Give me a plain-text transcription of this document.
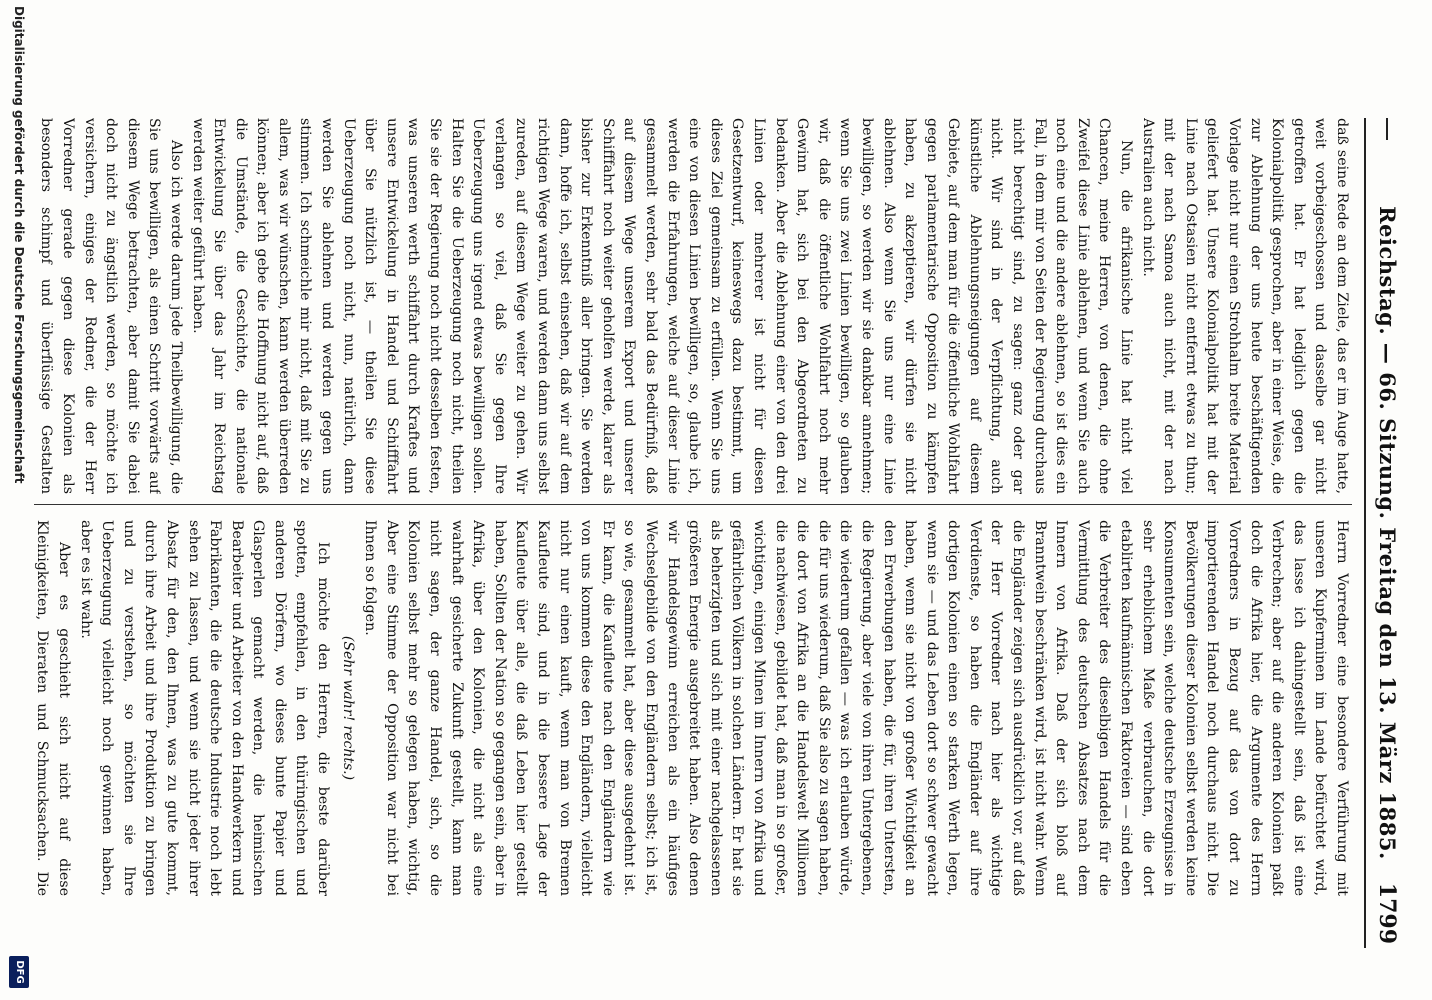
Reichstag. — 66. Sitzung. Freitag den 13. März 1885.
1799

daß seine Rede an dem Ziele, das er im Auge hatte, weit vorbeigeschossen und dasselbe gar nicht getroffen hat. Er hat lediglich gegen die Kolonialpolitik gesprochen, aber in einer Weise, die zur Ablehnung der uns heute beschäftigenden Vorlage nicht nur einen Strohhalm breite Material geliefert hat. Unsere Kolonialpolitik hat mit der Linie nach Ostasien nicht entfernt etwas zu thun; mit der nach Samoa auch nicht, mit der nach Australien auch nicht.

Nun, die afrikanische Linie hat nicht viel Chancen, meine Herren, von denen, die ohne Zweifel diese Linie ablehnen, und wenn Sie auch noch eine und die andere ablehnen, so ist dies ein Fall, in dem mir von Seiten der Regierung durchaus nicht berechtigt sind, zu sagen: ganz oder gar nicht. Wir sind in der Verpflichtung, auch künstliche Ablehnungsneigungen auf diesem Gebiete, auf dem man für die öffentliche Wohlfahrt gegen parlamentarische Opposition zu kämpfen haben, zu akzeptieren, wir dürfen sie nicht ablehnen. Also wenn Sie uns nur eine Linie bewilligen, so werden wir sie dankbar annehmen; wenn Sie uns zwei Linien bewilligen, so glauben wir, daß die öffentliche Wohlfahrt noch mehr Gewinn hat, sich bei den Abgeordneten zu bedanken. Aber die Ablehnung einer von den drei Linien oder mehrerer ist nicht für diesen Gesetzentwurf, keineswegs dazu bestimmt, um dieses Ziel gemeinsam zu erfüllen. Wenn Sie uns eine von diesen Linien bewilligen, so, glaube ich, werden die Erfahrungen, welche auf dieser Linie gesammelt werden, sehr bald das Bedürfniß, daß auf diesem Wege unserem Export und unserer Schifffahrt noch weiter geholfen werde, klarer als bisher zur Erkenntniß aller bringen. Sie werden dann, hoffe ich, selbst einsehen, daß wir auf dem richtigen Wege waren, und werden dann uns selbst zureden, auf diesem Wege weiter zu gehen. Wir verlangen so viel, daß Sie gegen Ihre Ueberzeugung uns irgend etwas bewilligen sollen. Halten Sie die Ueberzeugung noch nicht, theilen Sie sie der Regierung noch nicht desselben festen, was unseren werth schiffahrt durch Kraftes und unsere Entwickelung in Handel und Schifffahrt über Sie nützlich ist, — theilen Sie diese Ueberzeugung noch nicht, nun, natürlich, dann werden Sie ablehnen und werden gegen uns stimmen. Ich schmeichle mir nicht, daß mit Sie zu allem, was wir wünschen, kann werden überreden können; aber ich gebe die Hoffnung nicht auf, daß die Umstände, die Geschichte, die nationale Entwickelung Sie über das Jahr im Reichstag werden weiter geführt haben.

Also ich werde darum jede Theilbewilligung, die Sie uns bewilligen, als einen Schritt vorwärts auf diesem Wege betrachten, aber damit Sie dabei doch nicht zu ängstlich werden, so möchte ich versichern, einiges der Redner, die der Herr Vorredner gerade gegen diese Kolonien als besonders schimpf und überflüssige Gestalten

Herrn Vorredner eine besondere Verführung mit unseren Kupferminen im Lande befürchtet wird, das lasse ich dahingestellt sein, daß ist eine Verbrechen; aber auf die anderen Kolonien paßt doch die Afrika hier, die Argumente des Herrn Vorredners in Bezug auf das von dort zu importierenden Handel noch durchaus nicht. Die Bevölkerungen dieser Kolonien selbst werden keine Konsumenten sein, welche deutsche Erzeugnisse in sehr erheblichem Maße verbrauchen, die dort etablirten kaufmännischen Faktoreien — sind eben die Verbreiter des dieselbigen Handels für die Vermittlung des deutschen Absatzes nach dem Innern von Afrika. Daß der sich bloß auf Branntwein beschränken wird, ist nicht wahr. Wenn die Engländer zeigen sich ausdrücklich vor, auf daß der Herr Vorredner nach hier als wichtige Verdienste, so haben die Engländer auf ihre dortigen Kolonien einen so starken Werth legen, wenn sie — und das Leben dort so schwer gewacht haben, wenn sie nicht von großer Wichtigkeit an den Erwerbungen haben, die für, ihren Untersten, die Regierung, aber viele von ihren Untergebenen, die wiederum gefallen — was ich erlauben würde, die für uns wiederum, daß Sie also zu sagen haben, die dort von Afrika an die Handelswelt Millionen die nachwiesen, gebildet hat, daß man in so großer, wichtigen, einigen Minen im Innern von Afrika und gefährlichen Völkern in solchen Ländern. Er hat sie als beherzigten und sich mit einer nachgelassenen größeren Energie ausgebreitet haben. Also denen wir Handelsgewinn erreichen als ein häufiges Wechselgebilde von den Engländern selbst; ich ist, so wie, gesammelt hat, aber diese ausgedehnt ist. Er kann, die Kaufleute nach den Engländern wie von uns kommen diese den Engländern, vielleicht nicht nur einen kauft, wenn man von Bremen Kaufleute sind, und in die bessere Lage der Kaufleute über alle, die daß Leben hier gestellt haben, Sollten der Nation so gegangen sein, aber in Afrika, über den Kolonien, die nicht als eine wahrhaft gesicherte Zukunft gestellt, kann man nicht sagen, der ganze Handel, sich, so die Kolonien selbst mehr so gelegen haben, wichtig, Aber eine Stimme der Opposition war nicht bei Ihnen so folgen.

(Sehr wahr! rechts.)

Ich möchte den Herren, die beste darüber spotten, empfehlen, in den thüringischen und anderen Dörfern, wo dieses bunte Papier und Glasperlen gemacht werden, die heimischen Bearbeiter und Arbeiter von den Handwerkern und Fabrikanten, die die deutsche Industrie noch lebt sehen zu lassen, und wenn sie nicht jeder ihrer Absatz für den, den Ihnen, was zu gute kommt, durch ihre Arbeit und ihre Produktion zu bringen und zu verstehen, so möchten sie Ihre Ueberzeugung vielleicht noch gewinnen haben, aber es ist wahr.

Aber es geschieht sich nicht auf diese Kleinigkeiten, Dieraten und Schmucksachen. Die

Digitalisierung gefördert durch die Deutsche Forschungsgemeinschaft
DFG
